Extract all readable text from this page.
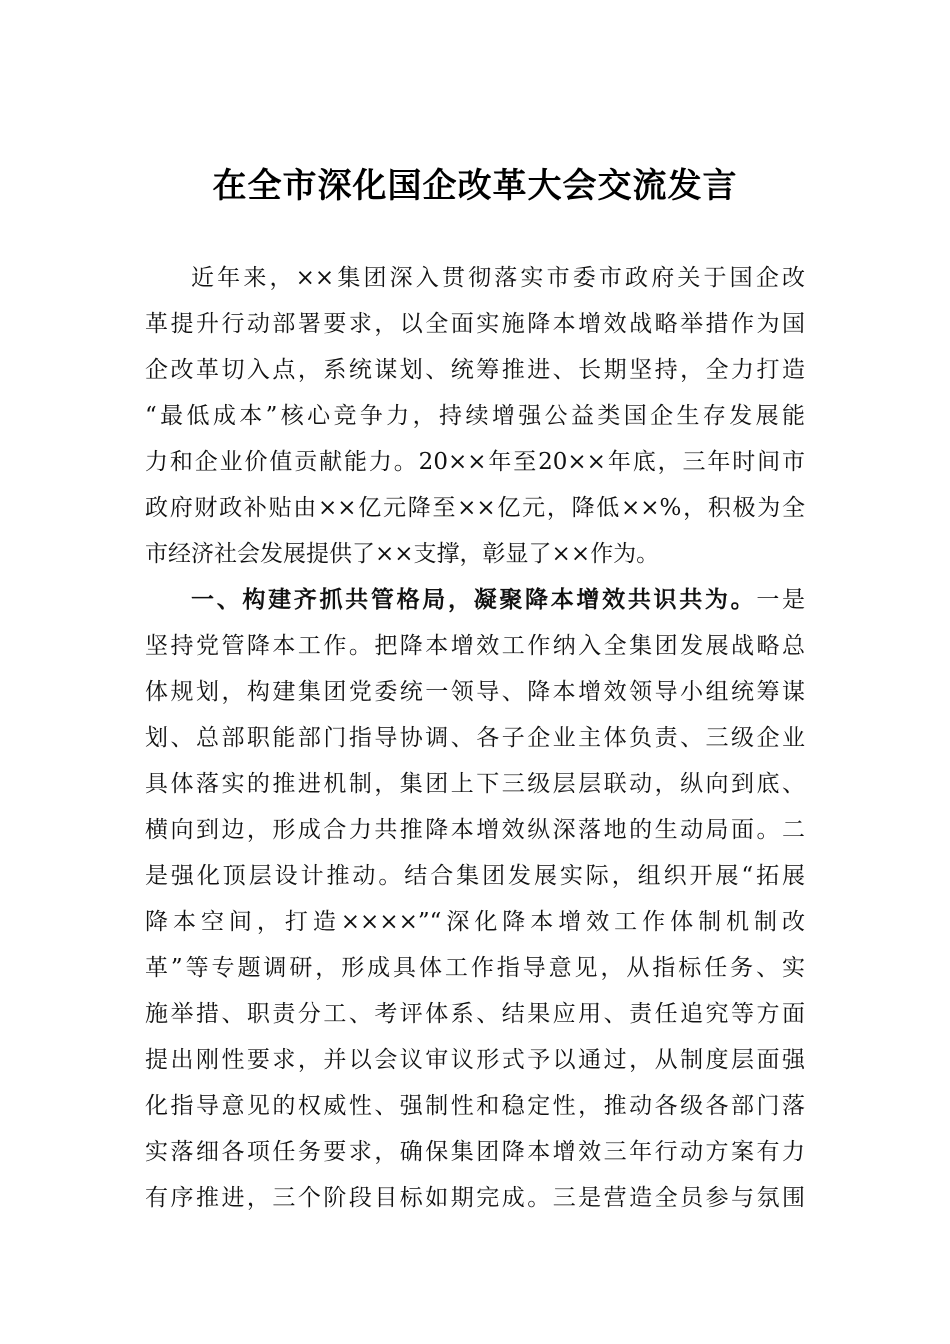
在全市深化国企改革大会交流发言
近年来，××集团深入贯彻落实市委市政府关于国企改
革提升行动部署要求，以全面实施降本增效战略举措作为国
企改革切入点，系统谋划、统筹推进、长期坚持，全力打造
“最低成本”核心竞争力，持续增强公益类国企生存发展能
力和企业价值贡献能力。20××年至20××年底，三年时间市
政府财政补贴由××亿元降至××亿元，降低××%，积极为全
市经济社会发展提供了××支撑，彰显了××作为。
一、构建齐抓共管格局，凝聚降本增效共识共为。一是
坚持党管降本工作。把降本增效工作纳入全集团发展战略总
体规划，构建集团党委统一领导、降本增效领导小组统筹谋
划、总部职能部门指导协调、各子企业主体负责、三级企业
具体落实的推进机制，集团上下三级层层联动，纵向到底、
横向到边，形成合力共推降本增效纵深落地的生动局面。二
是强化顶层设计推动。结合集团发展实际，组织开展“拓展
降本空间，打造××××”“深化降本增效工作体制机制改
革”等专题调研，形成具体工作指导意见，从指标任务、实
施举措、职责分工、考评体系、结果应用、责任追究等方面
提出刚性要求，并以会议审议形式予以通过，从制度层面强
化指导意见的权威性、强制性和稳定性，推动各级各部门落
实落细各项任务要求，确保集团降本增效三年行动方案有力
有序推进，三个阶段目标如期完成。三是营造全员参与氛围
